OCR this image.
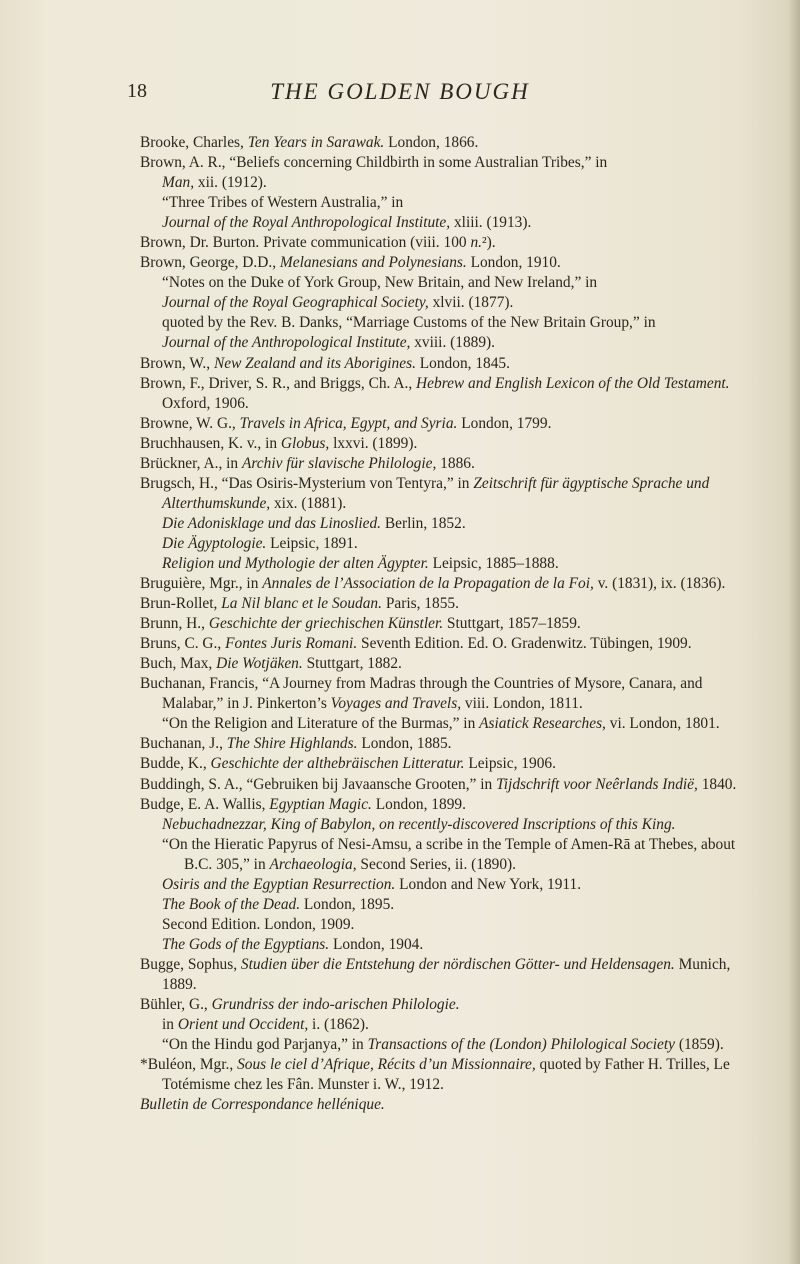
18	THE GOLDEN BOUGH

Brooke, Charles, Ten Years in Sarawak. London, 1866.

Brown, A. R., “Beliefs concerning Childbirth in some Australian Tribes,” in

Man, xii. (1912).

“Three Tribes of Western Australia,” in

Journal of the Royal Anthropological Institute, xliii. (1913).

Brown, Dr. Burton. Private communication (viii. 100 n.²).

Brown, George, D.D., Melanesians and Polynesians. London, 1910.

“Notes on the Duke of York Group, New Britain, and New Ireland,” in

Journal of the Royal Geographical Society, xlvii. (1877).

quoted by the Rev. B. Danks, “Marriage Customs of the New Britain Group,” in

Journal of the Anthropological Institute, xviii. (1889).

Brown, W., New Zealand and its Aborigines. London, 1845.

Brown, F., Driver, S. R., and Briggs, Ch. A., Hebrew and English Lexicon of the Old Testament. Oxford, 1906.

Browne, W. G., Travels in Africa, Egypt, and Syria. London, 1799.

Bruchhausen, K. v., in Globus, lxxvi. (1899).

Brückner, A., in Archiv für slavische Philologie, 1886.

Brugsch, H., “Das Osiris-Mysterium von Tentyra,” in Zeitschrift für ägyptische Sprache und Alterthumskunde, xix. (1881).

Die Adonisklage und das Linoslied. Berlin, 1852.

Die Ägyptologie. Leipsic, 1891.

Religion und Mythologie der alten Ägypter. Leipsic, 1885–1888.

Bruguière, Mgr., in Annales de l’Association de la Propagation de la Foi, v. (1831), ix. (1836).

Brun-Rollet, La Nil blanc et le Soudan. Paris, 1855.

Brunn, H., Geschichte der griechischen Künstler. Stuttgart, 1857–1859.

Bruns, C. G., Fontes Juris Romani. Seventh Edition. Ed. O. Gradenwitz. Tübingen, 1909.

Buch, Max, Die Wotjäken. Stuttgart, 1882.

Buchanan, Francis, “A Journey from Madras through the Countries of Mysore, Canara, and Malabar,” in J. Pinkerton’s Voyages and Travels, viii. London, 1811.

“On the Religion and Literature of the Burmas,” in Asiatick Researches, vi. London, 1801.

Buchanan, J., The Shire Highlands. London, 1885.

Budde, K., Geschichte der althebräischen Litteratur. Leipsic, 1906.

Buddingh, S. A., “Gebruiken bij Javaansche Grooten,” in Tijdschrift voor Neêrlands Indië, 1840.

Budge, E. A. Wallis, Egyptian Magic. London, 1899.

Nebuchadnezzar, King of Babylon, on recently-discovered Inscriptions of this King.

“On the Hieratic Papyrus of Nesi-Amsu, a scribe in the Temple of Amen-Rā at Thebes, about B.C. 305,” in Archaeologia, Second Series, ii. (1890).

Osiris and the Egyptian Resurrection. London and New York, 1911.

The Book of the Dead. London, 1895.

Second Edition. London, 1909.

The Gods of the Egyptians. London, 1904.

Bugge, Sophus, Studien über die Entstehung der nördischen Götter- und Heldensagen. Munich, 1889.

Bühler, G., Grundriss der indo-arischen Philologie.

in Orient und Occident, i. (1862).

“On the Hindu god Parjanya,” in Transactions of the (London) Philological Society (1859).

*Buléon, Mgr., Sous le ciel d’Afrique, Récits d’un Missionnaire, quoted by Father H. Trilles, Le Totémisme chez les Fân. Munster i. W., 1912.

Bulletin de Correspondance hellénique.
